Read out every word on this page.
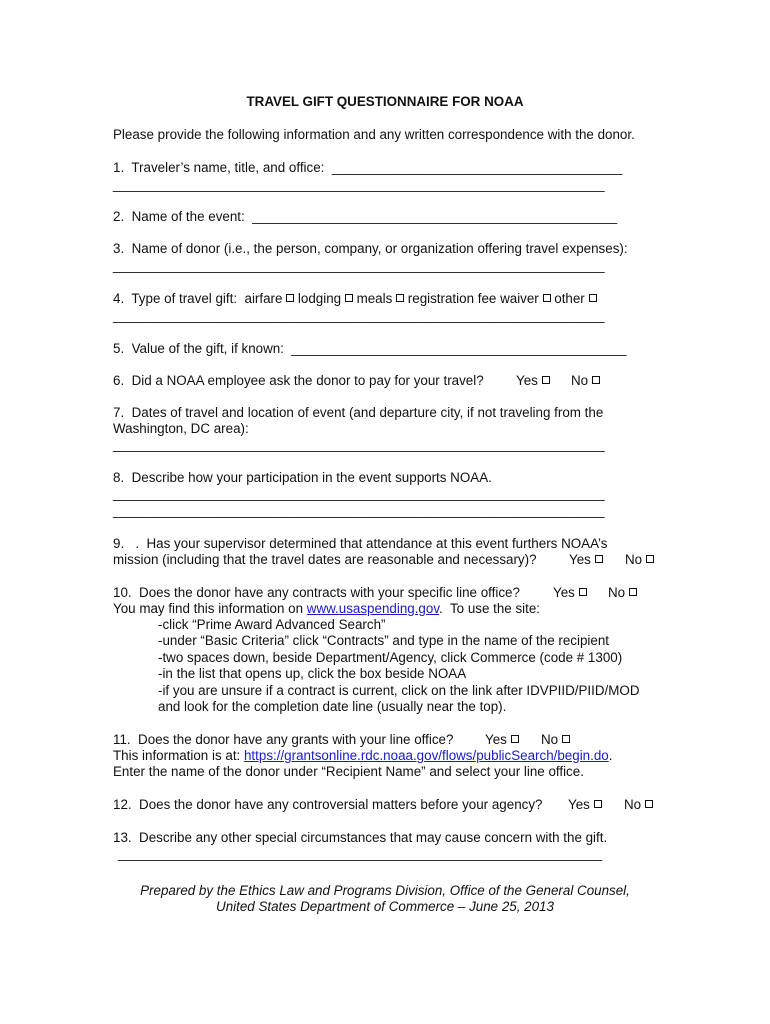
TRAVEL GIFT QUESTIONNAIRE FOR NOAA
Please provide the following information and any written correspondence with the donor.
1.  Traveler’s name, title, and office:  _______________________________________
__________________________________________________________________
2.  Name of the event:  _________________________________________________
3.  Name of donor (i.e., the person, company, or organization offering travel expenses):
__________________________________________________________________
4.  Type of travel gift:  airfare lodging meals registration fee waiver other
__________________________________________________________________
5.  Value of the gift, if known:  _____________________________________________
6.  Did a NOAA employee ask the donor to pay for your travel? Yes	No
7.  Dates of travel and location of event (and departure city, if not traveling from the
Washington, DC area):
__________________________________________________________________
8.  Describe how your participation in the event supports NOAA.
__________________________________________________________________
__________________________________________________________________
9.   .  Has your supervisor determined that attendance at this event furthers NOAA’s
mission (including that the travel dates are reasonable and necessary)? Yes	No
10.  Does the donor have any contracts with your specific line office? Yes	No
You may find this information on www.usaspending.gov.  To use the site:
-click “Prime Award Advanced Search”
-under “Basic Criteria” click “Contracts” and type in the name of the recipient
-two spaces down, beside Department/Agency, click Commerce (code # 1300)
-in the list that opens up, click the box beside NOAA
-if you are unsure if a contract is current, click on the link after IDVPIID/PIID/MOD
and look for the completion date line (usually near the top).
11.  Does the donor have any grants with your line office? Yes	No
This information is at: https://grantsonline.rdc.noaa.gov/flows/publicSearch/begin.do.
Enter the name of the donor under “Recipient Name” and select your line office.
12.  Does the donor have any controversial matters before your agency? Yes	No
13.  Describe any other special circumstances that may cause concern with the gift.
_________________________________________________________________
Prepared by the Ethics Law and Programs Division, Office of the General Counsel,
United States Department of Commerce – June 25, 2013
